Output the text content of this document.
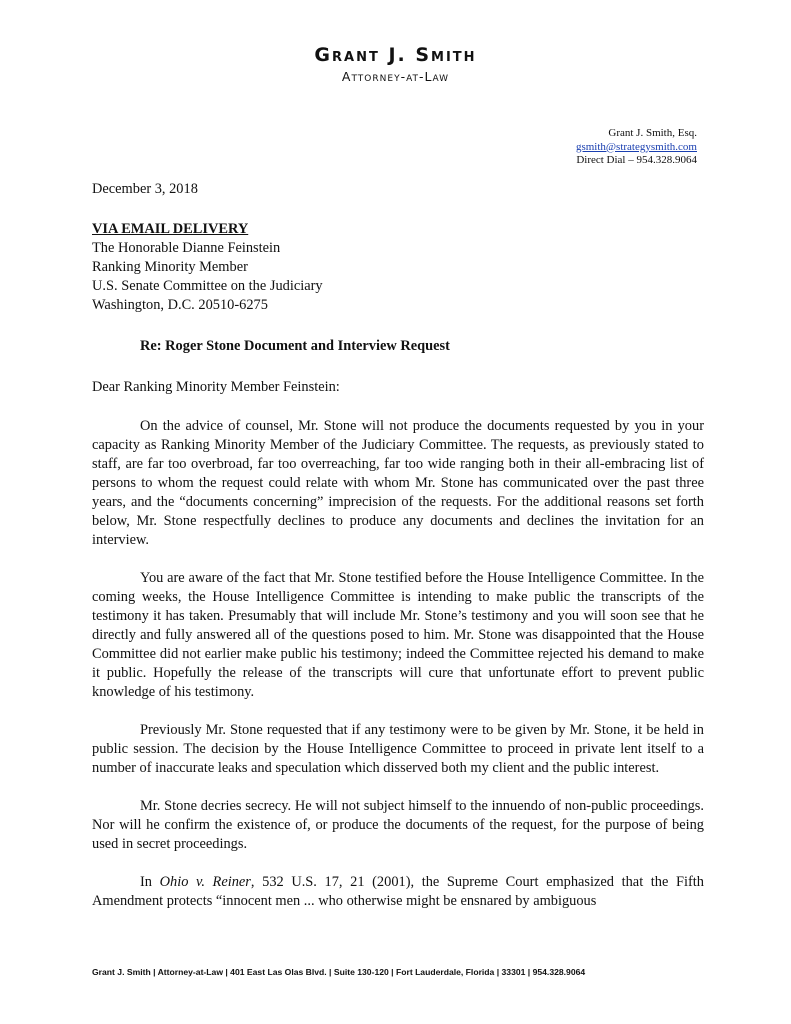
Grant J. Smith
Attorney-at-Law
Grant J. Smith, Esq.
gsmith@strategysmith.com
Direct Dial – 954.328.9064
December 3, 2018
VIA EMAIL DELIVERY
The Honorable Dianne Feinstein
Ranking Minority Member
U.S. Senate Committee on the Judiciary
Washington, D.C. 20510-6275
Re: Roger Stone Document and Interview Request
Dear Ranking Minority Member Feinstein:

On the advice of counsel, Mr. Stone will not produce the documents requested by you in your capacity as Ranking Minority Member of the Judiciary Committee. The requests, as previously stated to staff, are far too overbroad, far too overreaching, far too wide ranging both in their all-embracing list of persons to whom the request could relate with whom Mr. Stone has communicated over the past three years, and the “documents concerning” imprecision of the requests. For the additional reasons set forth below, Mr. Stone respectfully declines to produce any documents and declines the invitation for an interview.

You are aware of the fact that Mr. Stone testified before the House Intelligence Committee. In the coming weeks, the House Intelligence Committee is intending to make public the transcripts of the testimony it has taken. Presumably that will include Mr. Stone’s testimony and you will soon see that he directly and fully answered all of the questions posed to him. Mr. Stone was disappointed that the House Committee did not earlier make public his testimony; indeed the Committee rejected his demand to make it public. Hopefully the release of the transcripts will cure that unfortunate effort to prevent public knowledge of his testimony.

Previously Mr. Stone requested that if any testimony were to be given by Mr. Stone, it be held in public session. The decision by the House Intelligence Committee to proceed in private lent itself to a number of inaccurate leaks and speculation which disserved both my client and the public interest.

Mr. Stone decries secrecy. He will not subject himself to the innuendo of non-public proceedings. Nor will he confirm the existence of, or produce the documents of the request, for the purpose of being used in secret proceedings.

In Ohio v. Reiner, 532 U.S. 17, 21 (2001), the Supreme Court emphasized that the Fifth Amendment protects “innocent men ... who otherwise might be ensnared by ambiguous

Grant J. Smith | Attorney-at-Law | 401 East Las Olas Blvd. | Suite 130-120 | Fort Lauderdale, Florida | 33301 | 954.328.9064
